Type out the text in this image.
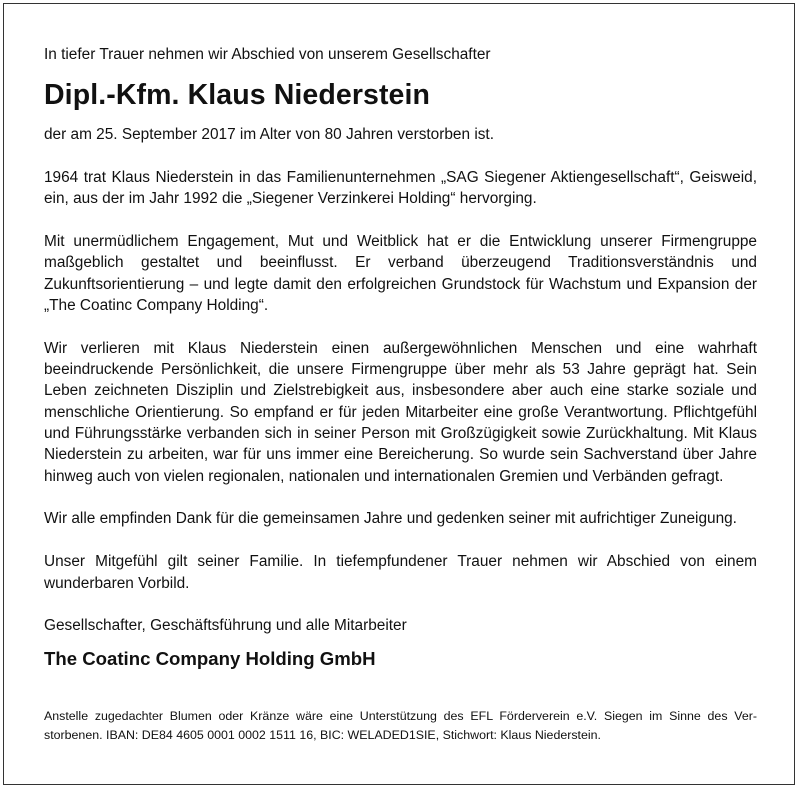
In tiefer Trauer nehmen wir Abschied von unserem Gesellschafter

Dipl.-Kfm. Klaus Niederstein

der am 25. September 2017 im Alter von 80 Jahren verstorben ist.

1964 trat Klaus Niederstein in das Familienunternehmen „SAG Siegener Aktiengesellschaft“, Geisweid, ein, aus der im Jahr 1992 die „Siegener Verzinkerei Holding“ hervorging.

Mit unermüdlichem Engagement, Mut und Weitblick hat er die Entwicklung unserer Firmengruppe maßgeblich gestaltet und beeinflusst. Er verband überzeugend Traditionsverständnis und Zukunftsorientierung – und legte damit den erfolgreichen Grundstock für Wachstum und Expansion der „The Coatinc Company Holding“.

Wir verlieren mit Klaus Niederstein einen außergewöhnlichen Menschen und eine wahrhaft beeindruckende Persönlichkeit, die unsere Firmengruppe über mehr als 53 Jahre geprägt hat. Sein Leben zeichneten Disziplin und Zielstrebigkeit aus, insbesondere aber auch eine starke soziale und menschliche Orientierung. So empfand er für jeden Mitarbeiter eine große Verantwortung. Pflichtgefühl und Führungsstärke verbanden sich in seiner Person mit Großzügigkeit sowie Zurückhaltung. Mit Klaus Niederstein zu arbeiten, war für uns immer eine Bereicherung. So wurde sein Sachverstand über Jahre hinweg auch von vielen regionalen, nationalen und internationalen Gremien und Verbänden gefragt.

Wir alle empfinden Dank für die gemeinsamen Jahre und gedenken seiner mit aufrichtiger Zuneigung.

Unser Mitgefühl gilt seiner Familie. In tiefempfundener Trauer nehmen wir Abschied von einem wunderbaren Vorbild.

Gesellschafter, Geschäftsführung und alle Mitarbeiter

The Coatinc Company Holding GmbH

Anstelle zugedachter Blumen oder Kränze wäre eine Unterstützung des EFL Förderverein e.V. Siegen im Sinne des Verstorbenen. IBAN: DE84 4605 0001 0002 1511 16, BIC: WELADED1SIE, Stichwort: Klaus Niederstein.
